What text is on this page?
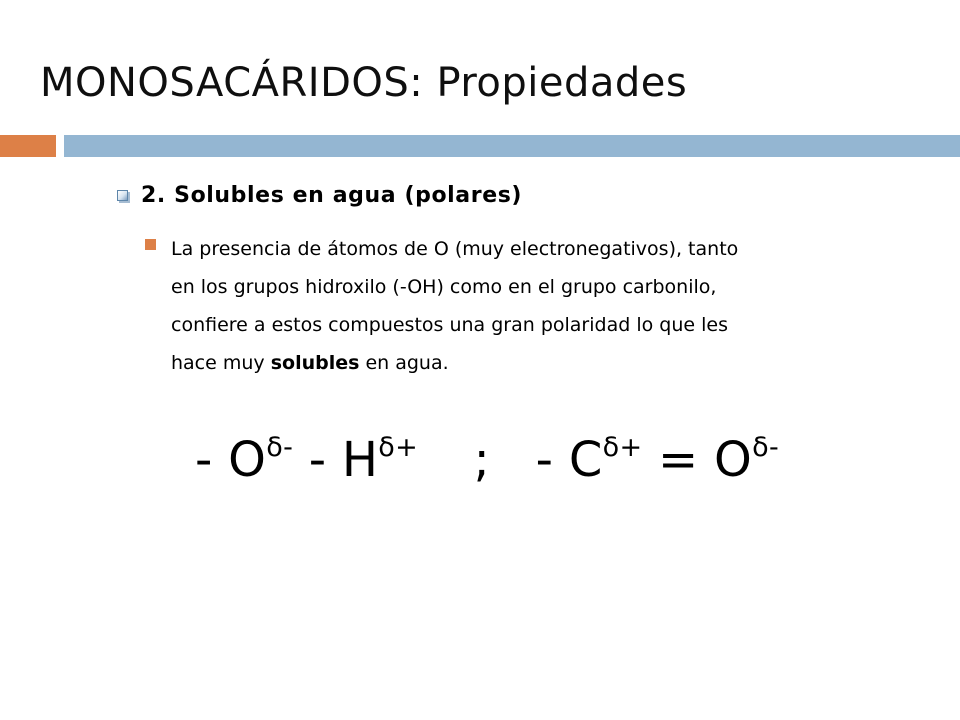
MONOSACÁRIDOS: Propiedades
2. Solubles en agua (polares)
La presencia de átomos de O (muy electronegativos), tanto
en los grupos hidroxilo (-OH) como en el grupo carbonilo,
confiere a estos compuestos una gran polaridad lo que les
hace muy solubles en agua.
- $O^{\delta-} - H^{\delta+}$ ; - $C^{\delta+} = O^{\delta-}$
